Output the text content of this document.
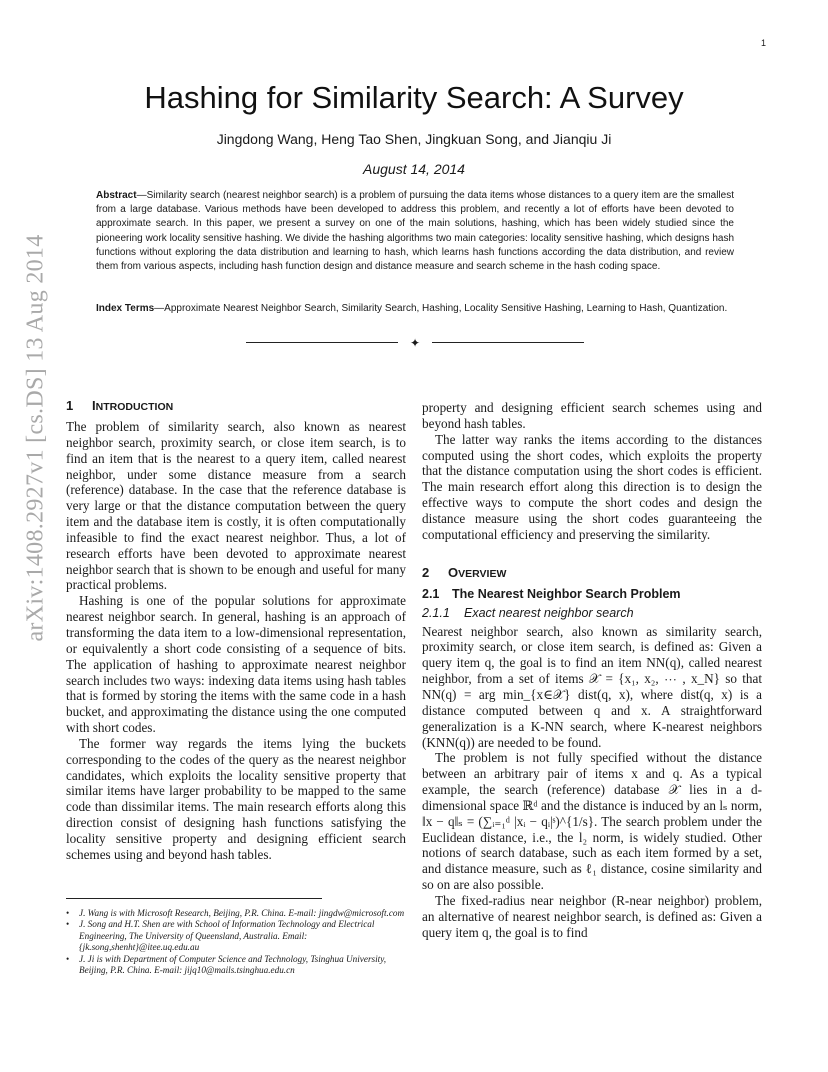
1
arXiv:1408.2927v1 [cs.DS] 13 Aug 2014
Hashing for Similarity Search: A Survey
Jingdong Wang, Heng Tao Shen, Jingkuan Song, and Jianqiu Ji
August 14, 2014

Abstract—Similarity search (nearest neighbor search) is a problem of pursuing the data items whose distances to a query item are the smallest from a large database. Various methods have been developed to address this problem, and recently a lot of efforts have been devoted to approximate search. In this paper, we present a survey on one of the main solutions, hashing, which has been widely studied since the pioneering work locality sensitive hashing. We divide the hashing algorithms two main categories: locality sensitive hashing, which designs hash functions without exploring the data distribution and learning to hash, which learns hash functions according the data distribution, and review them from various aspects, including hash function design and distance measure and search scheme in the hash coding space.

Index Terms—Approximate Nearest Neighbor Search, Similarity Search, Hashing, Locality Sensitive Hashing, Learning to Hash, Quantization.

✦
1 INTRODUCTION

The problem of similarity search, also known as nearest neighbor search, proximity search, or close item search, is to find an item that is the nearest to a query item, called nearest neighbor, under some distance measure from a search (reference) database. In the case that the reference database is very large or that the distance computation between the query item and the database item is costly, it is often computationally infeasible to find the exact nearest neighbor. Thus, a lot of research efforts have been devoted to approximate nearest neighbor search that is shown to be enough and useful for many practical problems.

Hashing is one of the popular solutions for approximate nearest neighbor search. In general, hashing is an approach of transforming the data item to a low-dimensional representation, or equivalently a short code consisting of a sequence of bits. The application of hashing to approximate nearest neighbor search includes two ways: indexing data items using hash tables that is formed by storing the items with the same code in a hash bucket, and approximating the distance using the one computed with short codes.

The former way regards the items lying the buckets corresponding to the codes of the query as the nearest neighbor candidates, which exploits the locality sensitive property that similar items have larger probability to be mapped to the same code than dissimilar items. The main research efforts along this direction consist of designing hash functions satisfying the locality sensitive property and designing efficient search schemes using and beyond hash tables.

property and designing efficient search schemes using and beyond hash tables.

The latter way ranks the items according to the distances computed using the short codes, which exploits the property that the distance computation using the short codes is efficient. The main research effort along this direction is to design the effective ways to compute the short codes and design the distance measure using the short codes guaranteeing the computational efficiency and preserving the similarity.

2 OVERVIEW
2.1 The Nearest Neighbor Search Problem
2.1.1 Exact nearest neighbor search

Nearest neighbor search, also known as similarity search, proximity search, or close item search, is defined as: Given a query item q, the goal is to find an item NN(q), called nearest neighbor, from a set of items 𝒳 = {x₁, x₂, ⋯ , x_N} so that NN(q) = arg min_{x∈𝒳} dist(q, x), where dist(q, x) is a distance computed between q and x. A straightforward generalization is a K-NN search, where K-nearest neighbors (KNN(q)) are needed to be found.

The problem is not fully specified without the distance between an arbitrary pair of items x and q. As a typical example, the search (reference) database 𝒳 lies in a d-dimensional space ℝᵈ and the distance is induced by an lₛ norm, ‖x − q‖ₛ = (∑ᵢ₌₁ᵈ |xᵢ − qᵢ|ˢ)^{1/s}. The search problem under the Euclidean distance, i.e., the l₂ norm, is widely studied. Other notions of search database, such as each item formed by a set, and distance measure, such as ℓ₁ distance, cosine similarity and so on are also possible.

The fixed-radius near neighbor (R-near neighbor) problem, an alternative of nearest neighbor search, is defined as: Given a query item q, the goal is to find

• J. Wang is with Microsoft Research, Beijing, P.R. China. E-mail: jingdw@microsoft.com
• J. Song and H.T. Shen are with School of Information Technology and Electrical Engineering, The University of Queensland, Australia. Email:{jk.song,shenht}@itee.uq.edu.au
• J. Ji is with Department of Computer Science and Technology, Tsinghua University, Beijing, P.R. China. E-mail: jijq10@mails.tsinghua.edu.cn
